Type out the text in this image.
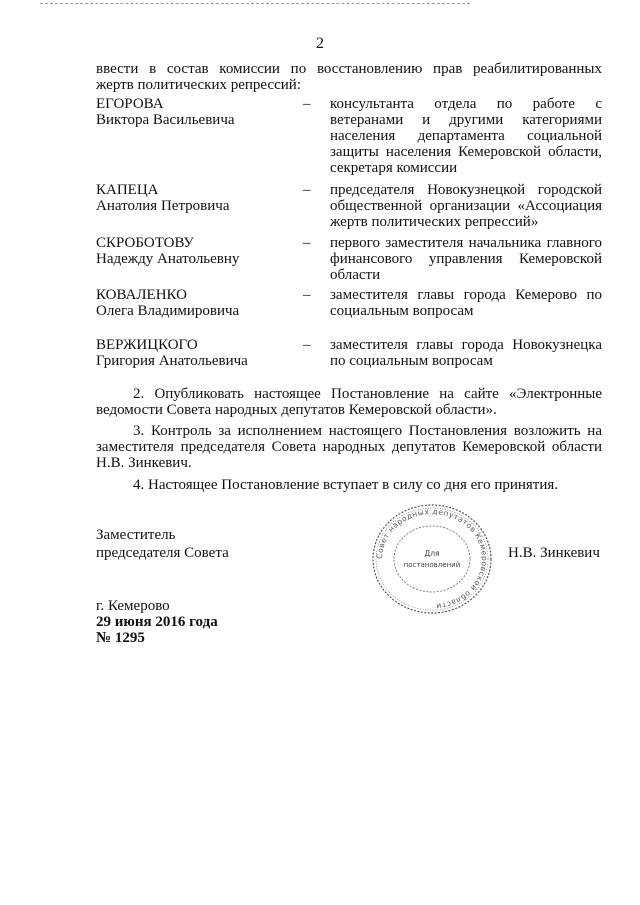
2
ввести в состав комиссии по восстановлению прав реабилитированных
жертв политических репрессий:
ЕГОРОВА
Виктора Васильевича
– консультанта отдела по работе с
ветеранами и другими категориями
населения департамента социальной
защиты населения Кемеровской области,
секретаря комиссии
КАПЕЦА
Анатолия Петровича
– председателя Новокузнецкой городской
общественной организации «Ассоциация
жертв политических репрессий»
СКРОБОТОВУ
Надежду Анатольевну
– первого заместителя начальника главного
финансового управления Кемеровской
области
КОВАЛЕНКО
Олега Владимировича
– заместителя главы города Кемерово по
социальным вопросам
ВЕРЖИЦКОГО
Григория Анатольевича
– заместителя главы города Новокузнецка
по социальным вопросам
2. Опубликовать настоящее Постановление на сайте «Электронные
ведомости Совета народных депутатов Кемеровской области».
3. Контроль за исполнением настоящего Постановления возложить на
заместителя председателя Совета народных депутатов Кемеровской области
Н.В. Зинкевич.
4. Настоящее Постановление вступает в силу со дня его принятия.
Заместитель
председателя Совета	Н.В. Зинкевич
Совет народных депутатов Кемеровской области
Для
постановлений
г. Кемерово
29 июня 2016 года
№ 1295
